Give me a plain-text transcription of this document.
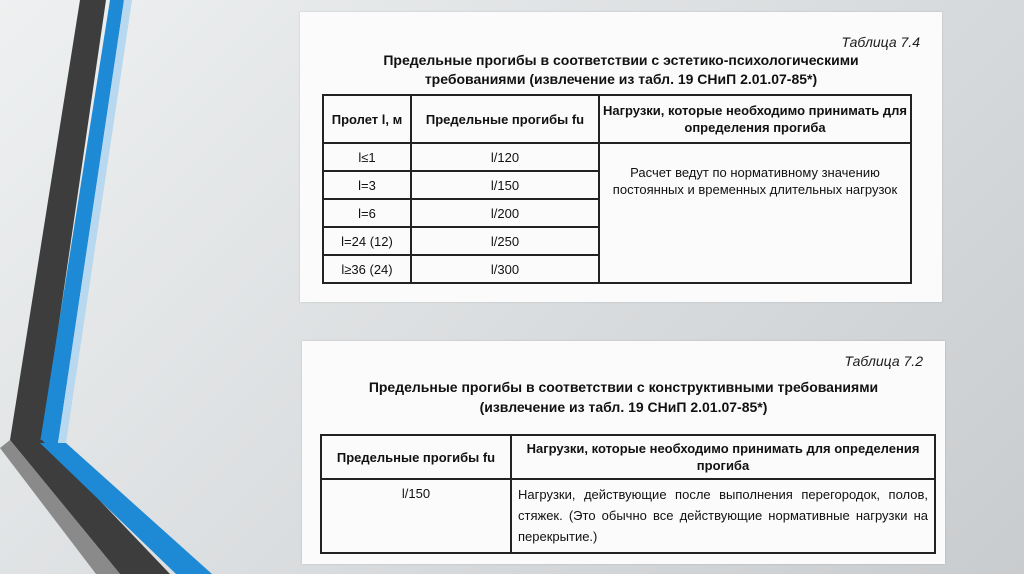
Таблица 7.4
Предельные прогибы в соответствии с эстетико-психологическими
требованиями (извлечение из табл. 19 СНиП 2.01.07-85*)
Пролет l, м	Предельные прогибы fu	Нагрузки, которые необходимо принимать для определения прогиба
l≤1	l/120	Расчет ведут по нормативному значению постоянных и временных длительных нагрузок
l=3	l/150	
l=6	l/200	
l=24 (12)	l/250	
l≥36 (24)	l/300	
Таблица 7.2
Предельные прогибы в соответствии с конструктивными требованиями
(извлечение из табл. 19 СНиП 2.01.07-85*)
Предельные прогибы fu	Нагрузки, которые необходимо принимать для определения прогиба
l/150	Нагрузки, действующие после выполнения перегородок, полов, стяжек. (Это обычно все действующие нормативные нагрузки на перекрытие.)
